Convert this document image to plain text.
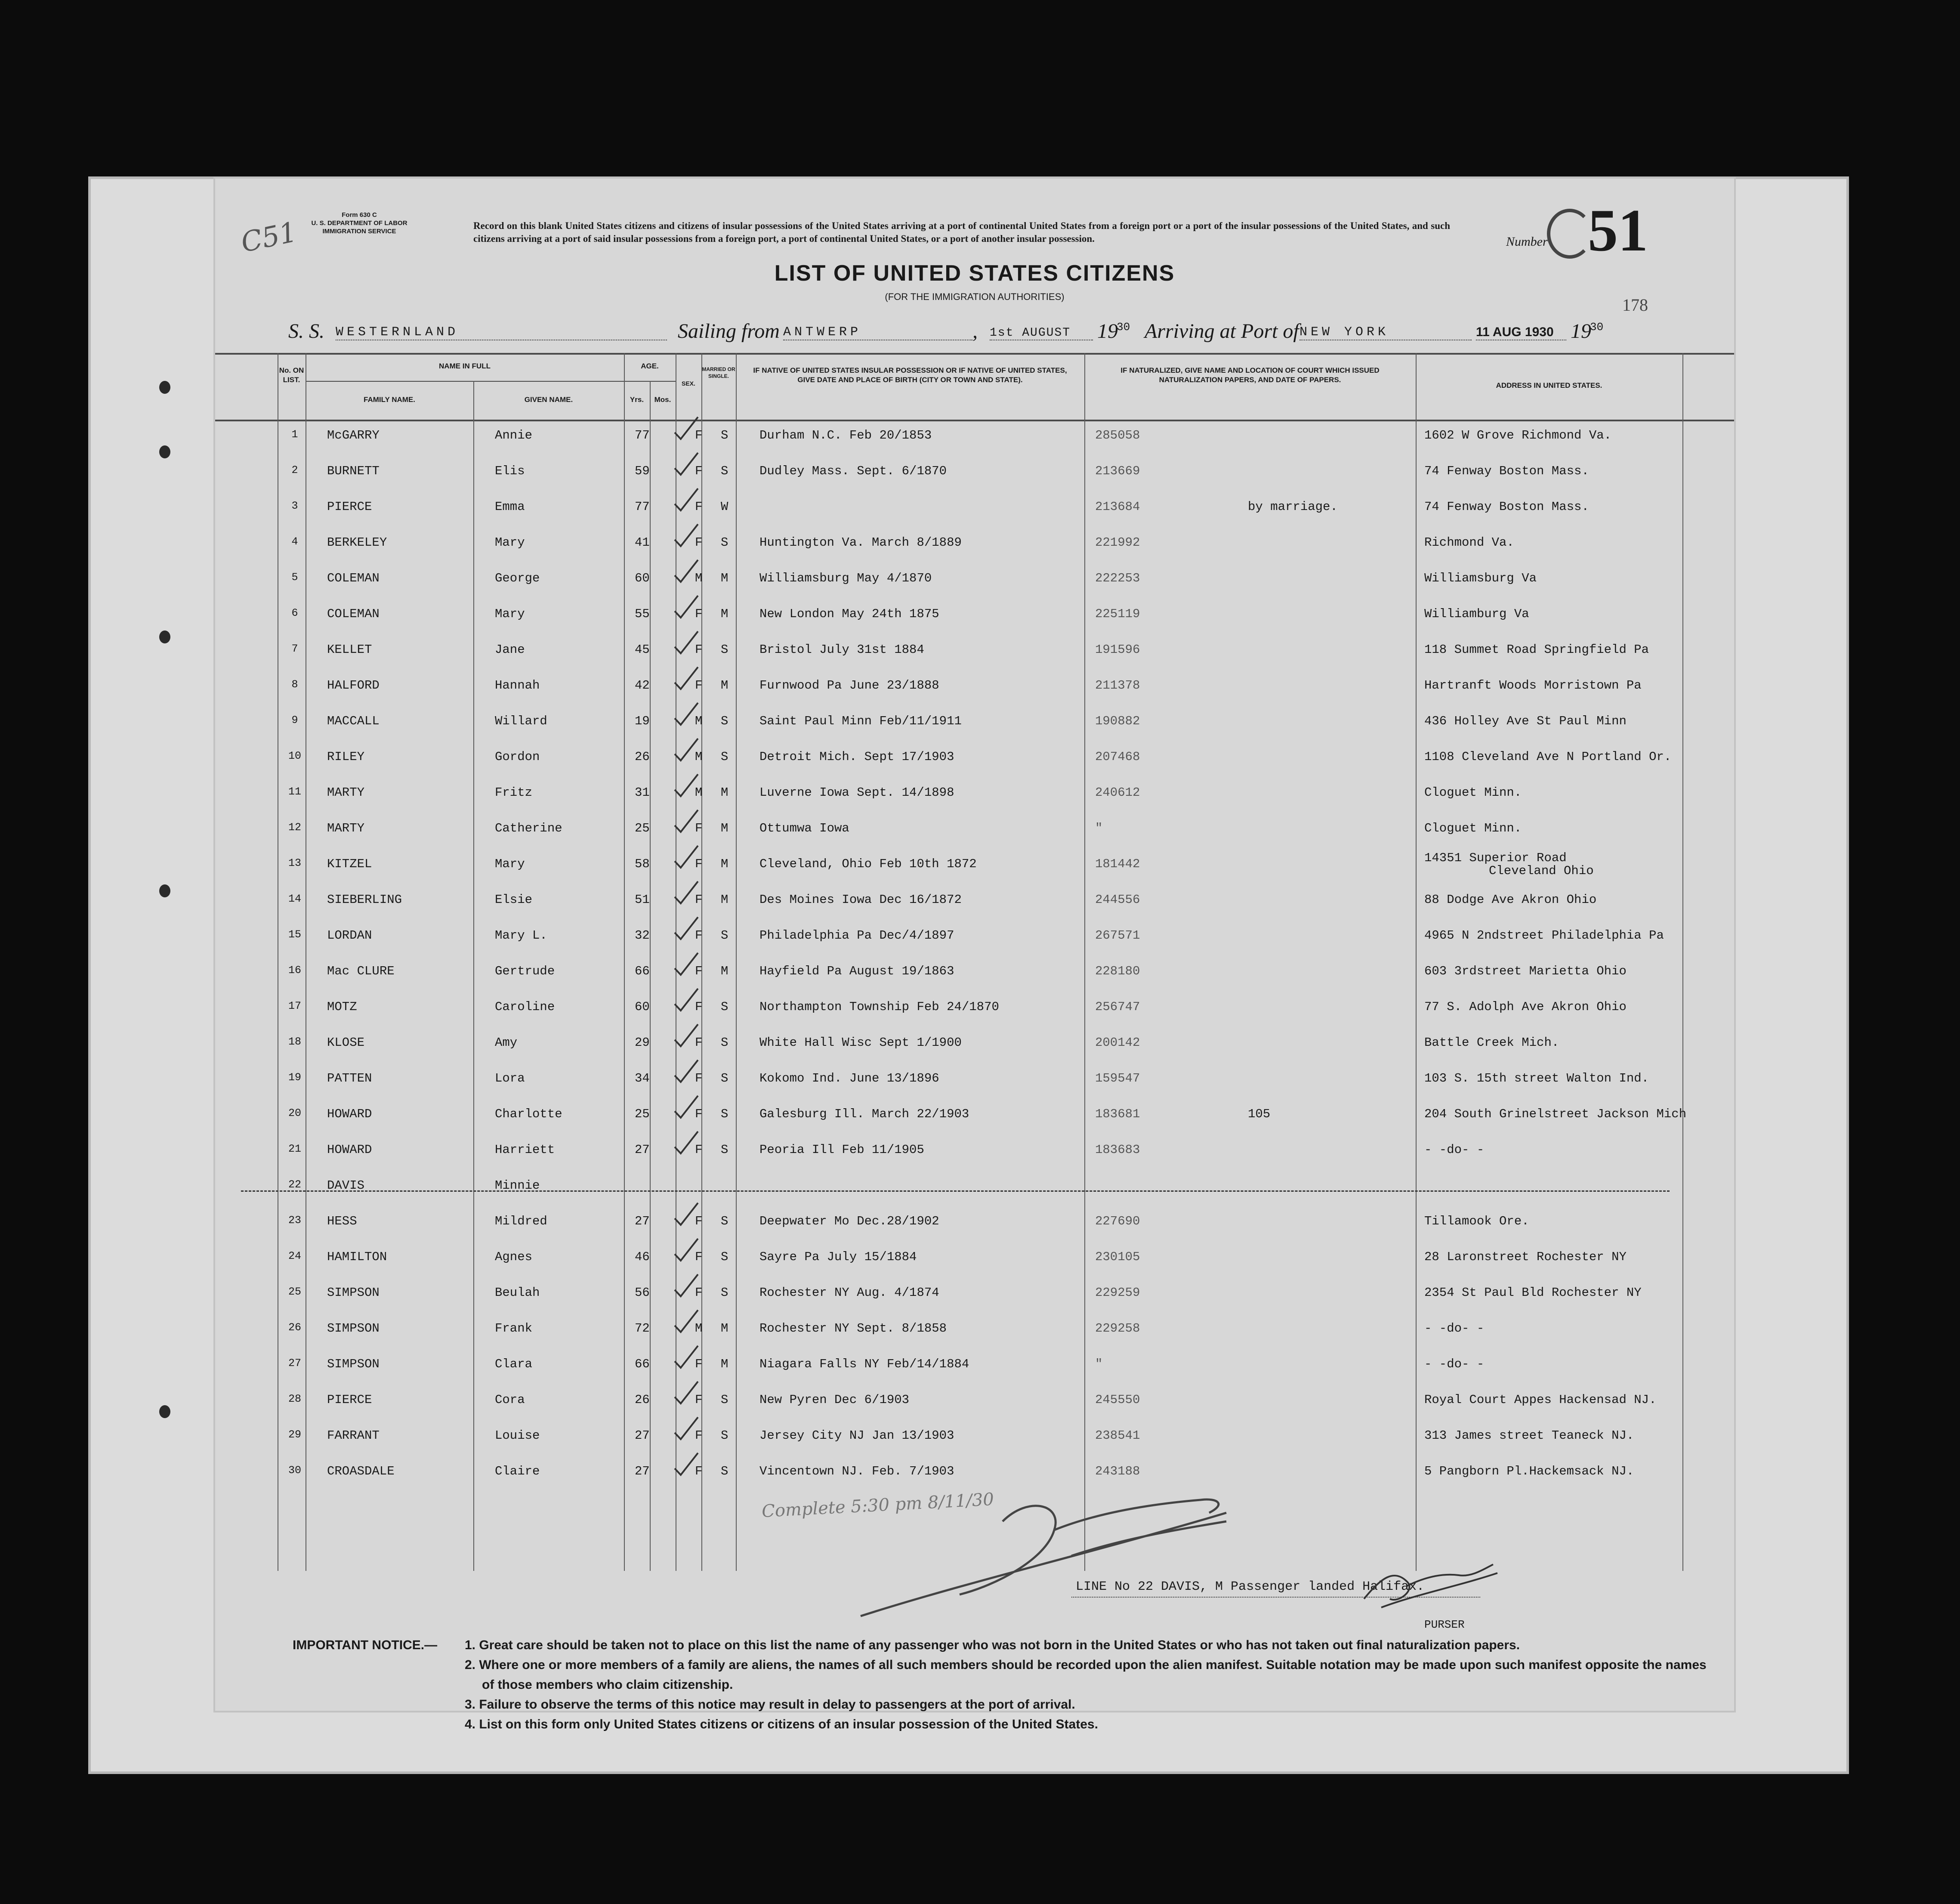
Form 630 C
U. S. DEPARTMENT OF LABOR
IMMIGRATION SERVICE
C51	Record on this blank United States citizens and citizens of insular possessions of the United States arriving at a port of continental United States from a foreign port or a port of the insular possessions of the United States, and such citizens arriving at a port of said insular possessions from a foreign port, a port of continental United States, or a port of another insular possession.	Number 51
LIST OF UNITED STATES CITIZENS
(FOR THE IMMIGRATION AUTHORITIES)	178
S. S. WESTERNLAND	Sailing from ANTWERP	, 1st AUGUST	19
30 Arriving at Port of NEW YORK	11 AUG 1930 19
30
No. ON LIST.
NAME IN FULL
FAMILY NAME.	GIVEN NAME.
AGE.
Yrs.	Mos.
SEX.
MARRIED OR SINGLE.
IF NATIVE OF UNITED STATES INSULAR POSSESSION OR IF NATIVE OF UNITED STATES, GIVE DATE AND PLACE OF BIRTH (CITY OR TOWN AND STATE).
IF NATURALIZED, GIVE NAME AND LOCATION OF COURT WHICH ISSUED NATURALIZATION PAPERS, AND DATE OF PAPERS.
ADDRESS IN UNITED STATES.
1	McGARRY	Annie	77	F S	Durham N.C. Feb 20/1853	285058	1602 W Grove Richmond Va.
2	BURNETT	Elis	59	F S	Dudley Mass. Sept. 6/1870	213669	74 Fenway Boston Mass.
3	PIERCE	Emma	77	F W	213684	by marriage.	74 Fenway Boston Mass.
4	BERKELEY	Mary	41	F S	Huntington Va. March 8/1889	221992	Richmond Va.
5	COLEMAN	George	60	M M	Williamsburg May 4/1870	222253	Williamsburg Va
6	COLEMAN	Mary	55	F M	New London May 24th 1875	225119	Williamburg Va
7	KELLET	Jane	45	F S	Bristol July 31st 1884	191596	118 Summet Road Springfield Pa
8	HALFORD	Hannah	42	F M	Furnwood Pa June 23/1888	211378	Hartranft Woods Morristown Pa
9	MACCALL	Willard	19	M S	Saint Paul Minn Feb/11/1911	190882	436 Holley Ave St Paul Minn
10	RILEY	Gordon	26	M S	Detroit Mich. Sept 17/1903	207468	1108 Cleveland Ave N Portland Or.
11	MARTY	Fritz	31	M M	Luverne Iowa Sept. 14/1898	240612	Cloguet Minn.
12	MARTY	Catherine	25	F M	Ottumwa Iowa	"	Cloguet Minn.
13	KITZEL	Mary	58	F M	Cleveland, Ohio Feb 10th 1872	181442	14351 Superior Road
Cleveland Ohio
14	SIEBERLING	Elsie	51	F M	Des Moines Iowa Dec 16/1872	244556	88 Dodge Ave Akron Ohio
15	LORDAN	Mary L.	32	F S	Philadelphia Pa Dec/4/1897	267571	4965 N 2ndstreet Philadelphia Pa
16	Mac CLURE	Gertrude	66	F M	Hayfield Pa August 19/1863	228180	603 3rdstreet Marietta Ohio
17	MOTZ	Caroline	60	F S	Northampton Township Feb 24/1870	256747	77 S. Adolph Ave Akron Ohio
18	KLOSE	Amy	29	F S	White Hall Wisc Sept 1/1900	200142	Battle Creek Mich.
19	PATTEN	Lora	34	F S	Kokomo Ind. June 13/1896	159547	103 S. 15th street Walton Ind.
20	HOWARD	Charlotte	25	F S	Galesburg Ill. March 22/1903	183681	105	204 South Grinelstreet Jackson Mich
21	HOWARD	Harriett	27	F S	Peoria Ill Feb 11/1905	183683	- -do- -
22	DAVIS	Minnie
23	HESS	Mildred	27	F S	Deepwater Mo Dec.28/1902	227690	Tillamook Ore.
24	HAMILTON	Agnes	46	F S	Sayre Pa July 15/1884	230105	28 Laronstreet Rochester NY
25	SIMPSON	Beulah	56	F S	Rochester NY Aug. 4/1874	229259	2354 St Paul Bld Rochester NY
26	SIMPSON	Frank	72	M M	Rochester NY Sept. 8/1858	229258	- -do- -
27	SIMPSON	Clara	66	F M	Niagara Falls NY Feb/14/1884	"	- -do- -
28	PIERCE	Cora	26	F S	New Pyren Dec 6/1903	245550	Royal Court Appes Hackensad NJ.
29	FARRANT	Louise	27	F S	Jersey City NJ Jan 13/1903	238541	313 James street Teaneck NJ.
30	CROASDALE	Claire	27	F S	Vincentown NJ. Feb. 7/1903	243188	5 Pangborn Pl.Hackemsack NJ.
Complete 5:30 pm 8/11/30
LINE No 22 DAVIS, M Passenger landed Halifax.
PURSER
IMPORTANT NOTICE.— 1. Great care should be taken not to place on this list the name of any passenger who was not born in the United States or who has not taken out final naturalization papers.
2. Where one or more members of a family are aliens, the names of all such members should be recorded upon the alien manifest. Suitable notation may be made upon such manifest opposite the names of those members who claim citizenship.
3. Failure to observe the terms of this notice may result in delay to passengers at the port of arrival.
4. List on this form only United States citizens or citizens of an insular possession of the United States.
